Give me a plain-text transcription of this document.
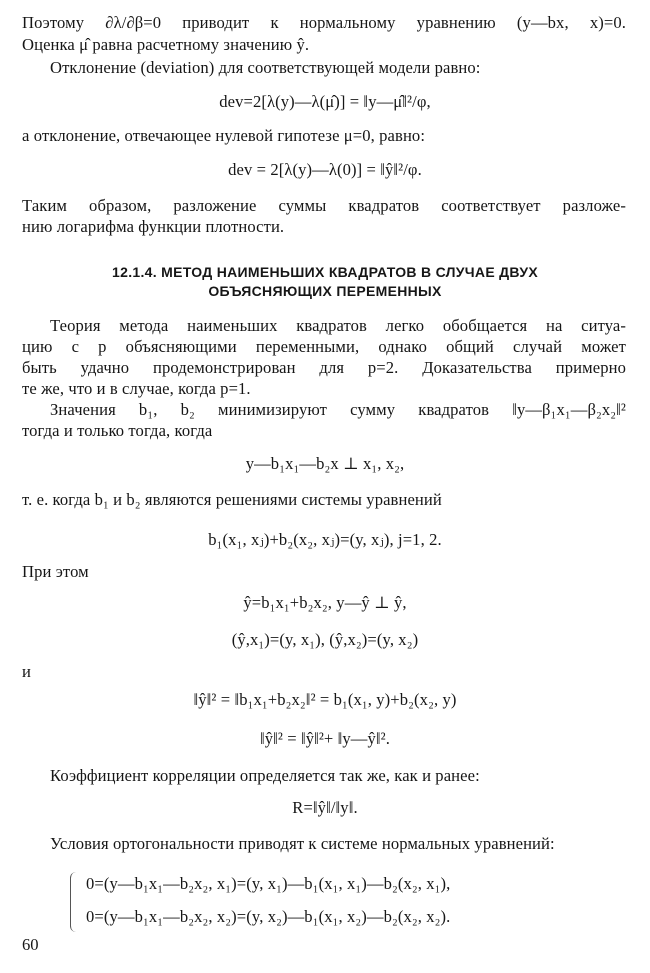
Поэтому ∂λ/∂β=0 приводит к нормальному уравнению (y—bx, x)=0.
Оценка μ̂ равна расчетному значению ŷ.
Отклонение (deviation) для соответствующей модели равно:
dev=2[λ(y)—λ(μ̂)] = ‖y—μ̂‖²/φ,
а отклонение, отвечающее нулевой гипотезе μ=0, равно:
dev = 2[λ(y)—λ(0)] = ‖ŷ‖²/φ.
Таким образом, разложение суммы квадратов соответствует разложе-
нию логарифма функции плотности.
12.1.4. МЕТОД НАИМЕНЬШИХ КВАДРАТОВ В СЛУЧАЕ ДВУХ
ОБЪЯСНЯЮЩИХ ПЕРЕМЕННЫХ
Теория метода наименьших квадратов легко обобщается на ситуа-
цию с p объясняющими переменными, однако общий случай может
быть удачно продемонстрирован для p=2. Доказательства примерно
те же, что и в случае, когда p=1.
Значения b₁, b₂ минимизируют сумму квадратов ‖y—β₁x₁—β₂x₂‖²
тогда и только тогда, когда
y—b₁x₁—b₂x ⊥ x₁, x₂,
т. е. когда b₁ и b₂ являются решениями системы уравнений
b₁(x₁, xⱼ)+b₂(x₂, xⱼ)=(y, xⱼ), j=1, 2.
При этом
ŷ=b₁x₁+b₂x₂, y—ŷ ⊥ ŷ,
(ŷ,x₁)=(y, x₁), (ŷ,x₂)=(y, x₂)
и
‖ŷ‖² = ‖b₁x₁+b₂x₂‖² = b₁(x₁, y)+b₂(x₂, y)
‖ŷ‖² = ‖ŷ‖²+ ‖y—ŷ‖².
Коэффициент корреляции определяется так же, как и ранее:
R=‖ŷ‖/‖y‖.
Условия ортогональности приводят к системе нормальных уравнений:
0=(y—b₁x₁—b₂x₂, x₁)=(y, x₁)—b₁(x₁, x₁)—b₂(x₂, x₁),
0=(y—b₁x₁—b₂x₂, x₂)=(y, x₂)—b₁(x₁, x₂)—b₂(x₂, x₂).
60
